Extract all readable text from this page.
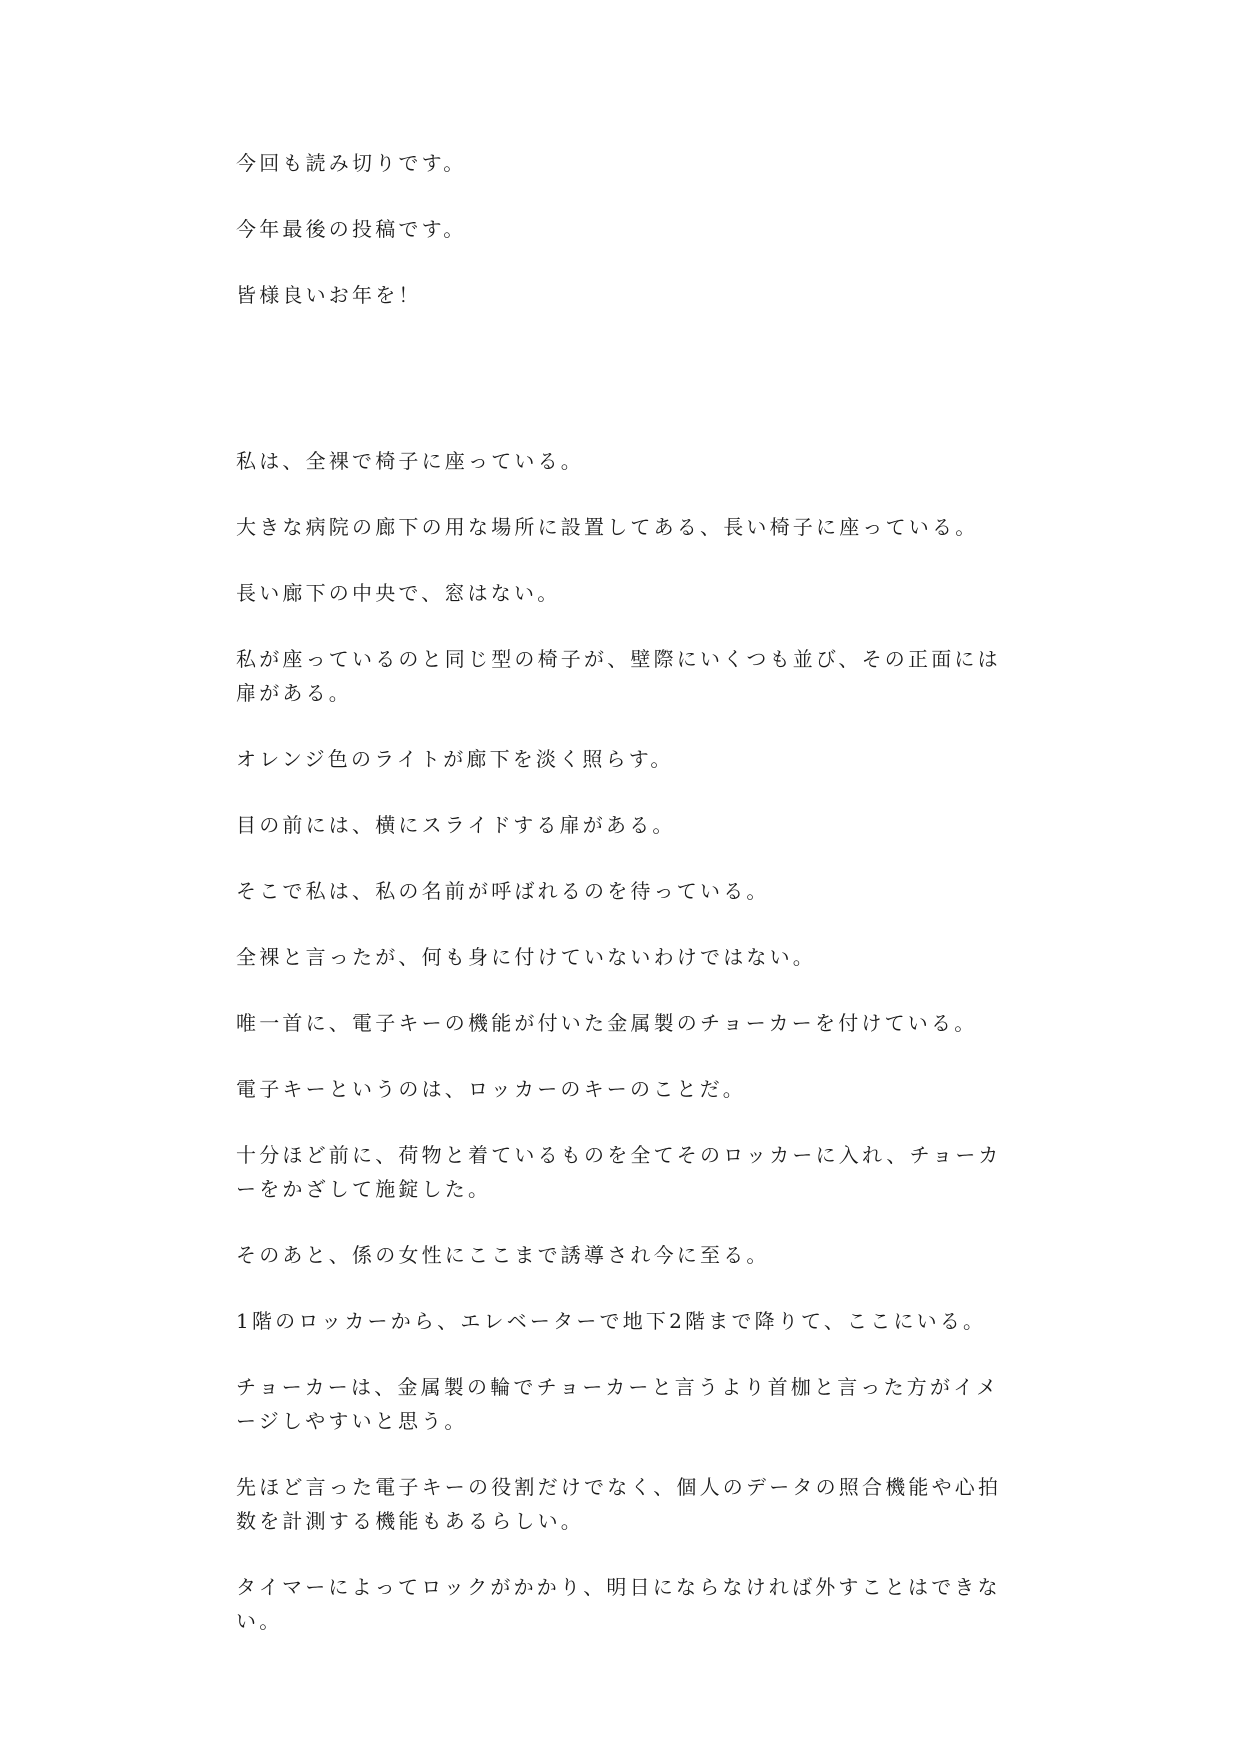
今回も読み切りです。

今年最後の投稿です。

皆様良いお年を！

私は、全裸で椅子に座っている。

大きな病院の廊下の用な場所に設置してある、長い椅子に座っている。

長い廊下の中央で、窓はない。

私が座っているのと同じ型の椅子が、壁際にいくつも並び、その正面には扉がある。

オレンジ色のライトが廊下を淡く照らす。

目の前には、横にスライドする扉がある。

そこで私は、私の名前が呼ばれるのを待っている。

全裸と言ったが、何も身に付けていないわけではない。

唯一首に、電子キーの機能が付いた金属製のチョーカーを付けている。

電子キーというのは、ロッカーのキーのことだ。

十分ほど前に、荷物と着ているものを全てそのロッカーに入れ、チョーカーをかざして施錠した。

そのあと、係の女性にここまで誘導され今に至る。

1階のロッカーから、エレベーターで地下2階まで降りて、ここにいる。

チョーカーは、金属製の輪でチョーカーと言うより首枷と言った方がイメージしやすいと思う。

先ほど言った電子キーの役割だけでなく、個人のデータの照合機能や心拍数を計測する機能もあるらしい。

タイマーによってロックがかかり、明日にならなければ外すことはできない。
